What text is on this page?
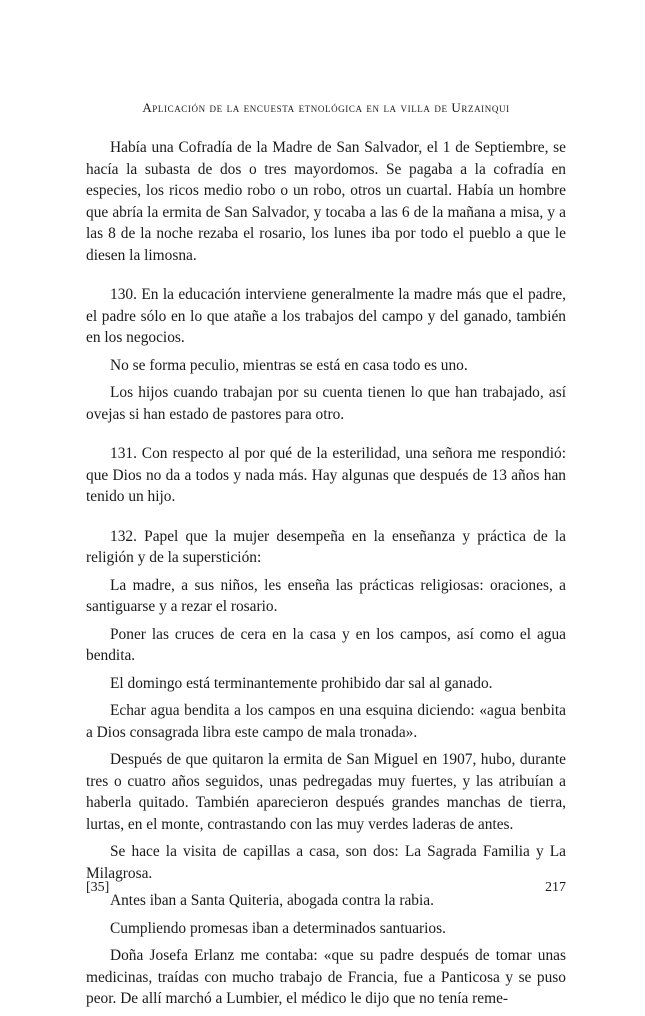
Aplicación de la encuesta etnológica en la villa de Urzainqui

Había una Cofradía de la Madre de San Salvador, el 1 de Septiembre, se hacía la subasta de dos o tres mayordomos. Se pagaba a la cofradía en especies, los ricos medio robo o un robo, otros un cuartal. Había un hombre que abría la ermita de San Salvador, y tocaba a las 6 de la mañana a misa, y a las 8 de la noche rezaba el rosario, los lunes iba por todo el pueblo a que le diesen la limosna.

130. En la educación interviene generalmente la madre más que el padre, el padre sólo en lo que atañe a los trabajos del campo y del ganado, también en los negocios.

No se forma peculio, mientras se está en casa todo es uno.

Los hijos cuando trabajan por su cuenta tienen lo que han trabajado, así ovejas si han estado de pastores para otro.

131. Con respecto al por qué de la esterilidad, una señora me respondió: que Dios no da a todos y nada más. Hay algunas que después de 13 años han tenido un hijo.

132. Papel que la mujer desempeña en la enseñanza y práctica de la religión y de la superstición:

La madre, a sus niños, les enseña las prácticas religiosas: oraciones, a santiguarse y a rezar el rosario.

Poner las cruces de cera en la casa y en los campos, así como el agua bendita.

El domingo está terminantemente prohibido dar sal al ganado.

Echar agua bendita a los campos en una esquina diciendo: «agua benbita a Dios consagrada libra este campo de mala tronada».

Después de que quitaron la ermita de San Miguel en 1907, hubo, durante tres o cuatro años seguidos, unas pedregadas muy fuertes, y las atribuían a haberla quitado. También aparecieron después grandes manchas de tierra, lurtas, en el monte, contrastando con las muy verdes laderas de antes.

Se hace la visita de capillas a casa, son dos: La Sagrada Familia y La Milagrosa.

Antes iban a Santa Quiteria, abogada contra la rabia.

Cumpliendo promesas iban a determinados santuarios.

Doña Josefa Erlanz me contaba: «que su padre después de tomar unas medicinas, traídas con mucho trabajo de Francia, fue a Panticosa y se puso peor. De allí marchó a Lumbier, el médico le dijo que no tenía reme-

[35]	217
